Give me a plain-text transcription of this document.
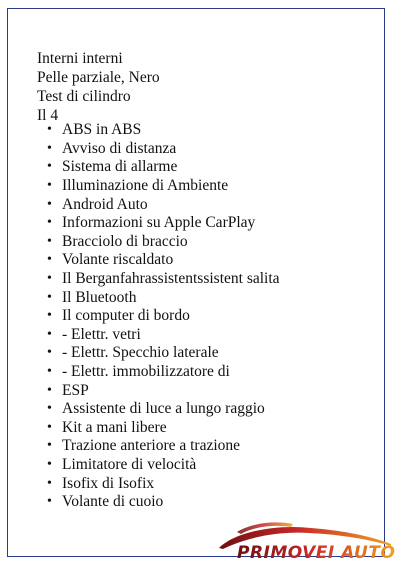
Interni interni
Pelle parziale, Nero
Test di cilindro
Il 4
• ABS in ABS
• Avviso di distanza
• Sistema di allarme
• Illuminazione di Ambiente
• Android Auto
• Informazioni su Apple CarPlay
• Bracciolo di braccio
• Volante riscaldato
• Il Berganfahrassistentssistent salita
• Il Bluetooth
• Il computer di bordo
• - Elettr. vetri
• - Elettr. Specchio laterale
• - Elettr. immobilizzatore di
• ESP
• Assistente di luce a lungo raggio
• Kit a mani libere
• Trazione anteriore a trazione
• Limitatore di velocità
• Isofix di Isofix
• Volante di cuoio
PRIMOVEI AUTO
